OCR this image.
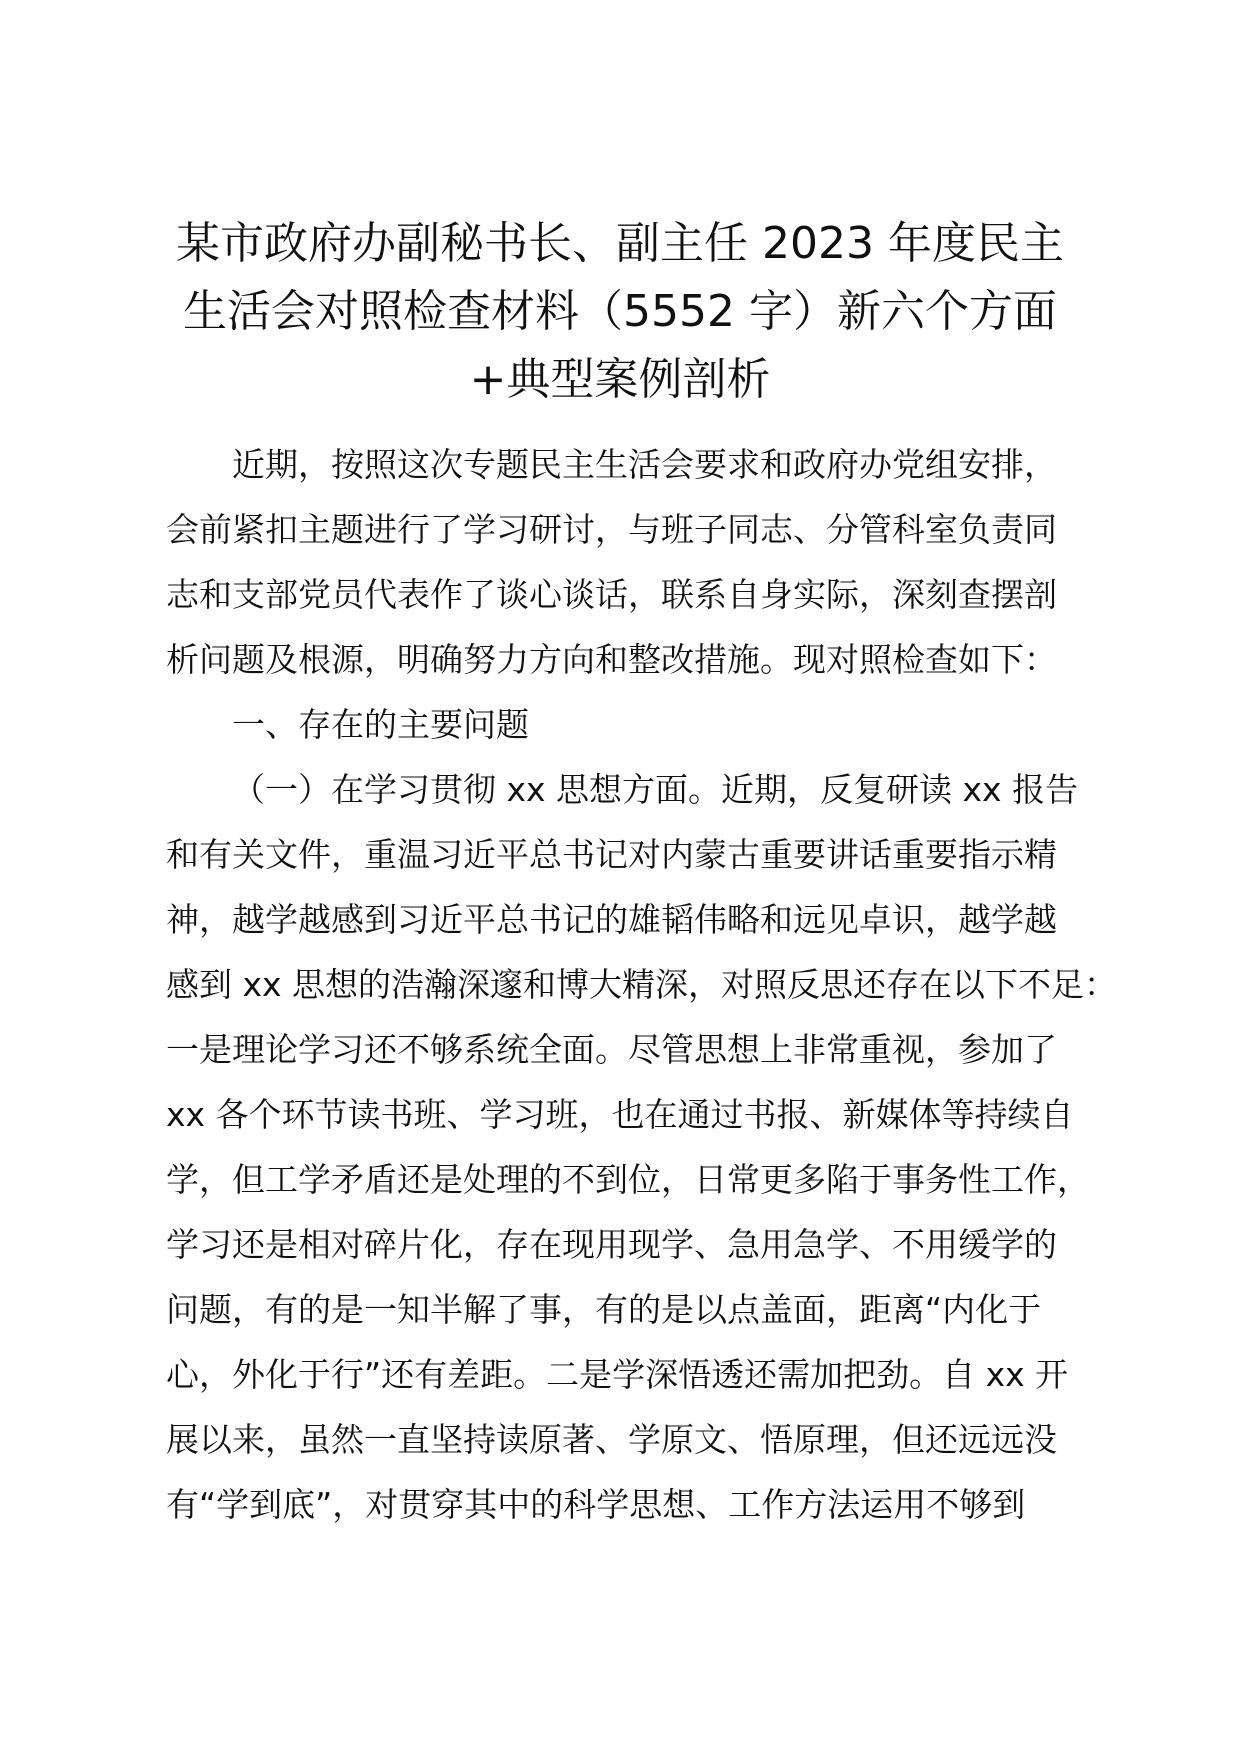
某市政府办副秘书长、副主任 2023 年度民主
生活会对照检查材料（5552 字）新六个方面
+典型案例剖析
近期，按照这次专题民主生活会要求和政府办党组安排，
会前紧扣主题进行了学习研讨，与班子同志、分管科室负责同
志和支部党员代表作了谈心谈话，联系自身实际，深刻查摆剖
析问题及根源，明确努力方向和整改措施。现对照检查如下：
一、存在的主要问题
（一）在学习贯彻 xx 思想方面。近期，反复研读 xx 报告
和有关文件，重温习近平总书记对内蒙古重要讲话重要指示精
神，越学越感到习近平总书记的雄韬伟略和远见卓识，越学越
感到 xx 思想的浩瀚深邃和博大精深，对照反思还存在以下不足：
一是理论学习还不够系统全面。尽管思想上非常重视，参加了
xx 各个环节读书班、学习班，也在通过书报、新媒体等持续自
学，但工学矛盾还是处理的不到位，日常更多陷于事务性工作，
学习还是相对碎片化，存在现用现学、急用急学、不用缓学的
问题，有的是一知半解了事，有的是以点盖面，距离“内化于
心，外化于行”还有差距。二是学深悟透还需加把劲。自 xx 开
展以来，虽然一直坚持读原著、学原文、悟原理，但还远远没
有“学到底”，对贯穿其中的科学思想、工作方法运用不够到
